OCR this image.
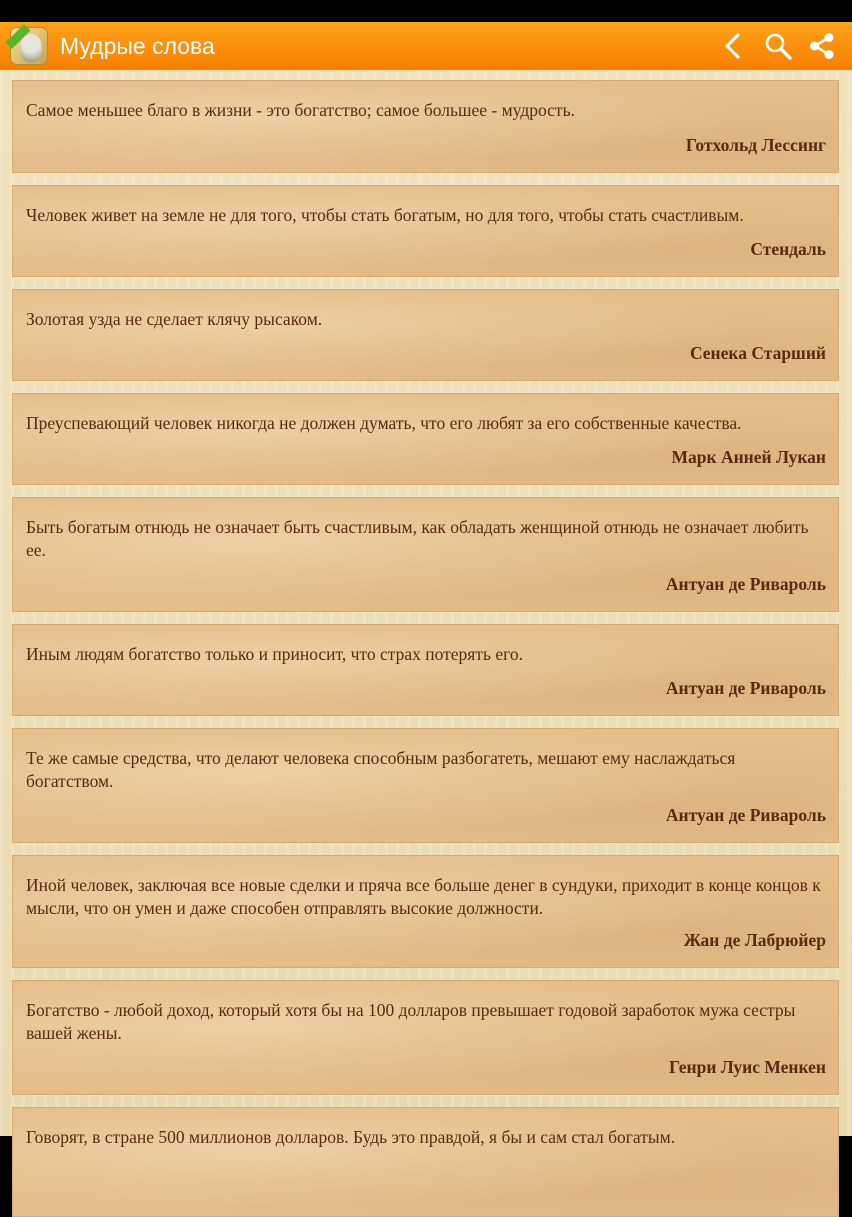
Мудрые слова
Самое меньшее благо в жизни - это богатство; самое большее - мудрость.
Готхольд Лессинг
Человек живет на земле не для того, чтобы стать богатым, но для того, чтобы стать счастливым.
Стендаль
Золотая узда не сделает клячу рысаком.
Сенека Старший
Преуспевающий человек никогда не должен думать, что его любят за его собственные качества.
Марк Анней Лукан
Быть богатым отнюдь не означает быть счастливым, как обладать женщиной отнюдь не означает любить ее.
Антуан де Ривароль
Иным людям богатство только и приносит, что страх потерять его.
Антуан де Ривароль
Те же самые средства, что делают человека способным разбогатеть, мешают ему наслаждаться богатством.
Антуан де Ривароль
Иной человек, заключая все новые сделки и пряча все больше денег в сундуки, приходит в конце концов к мысли, что он умен и даже способен отправлять высокие должности.
Жан де Лабрюйер
Богатство - любой доход, который хотя бы на 100 долларов превышает годовой заработок мужа сестры вашей жены.
Генри Луис Менкен
Говорят, в стране 500 миллионов долларов. Будь это правдой, я бы и сам стал богатым.
